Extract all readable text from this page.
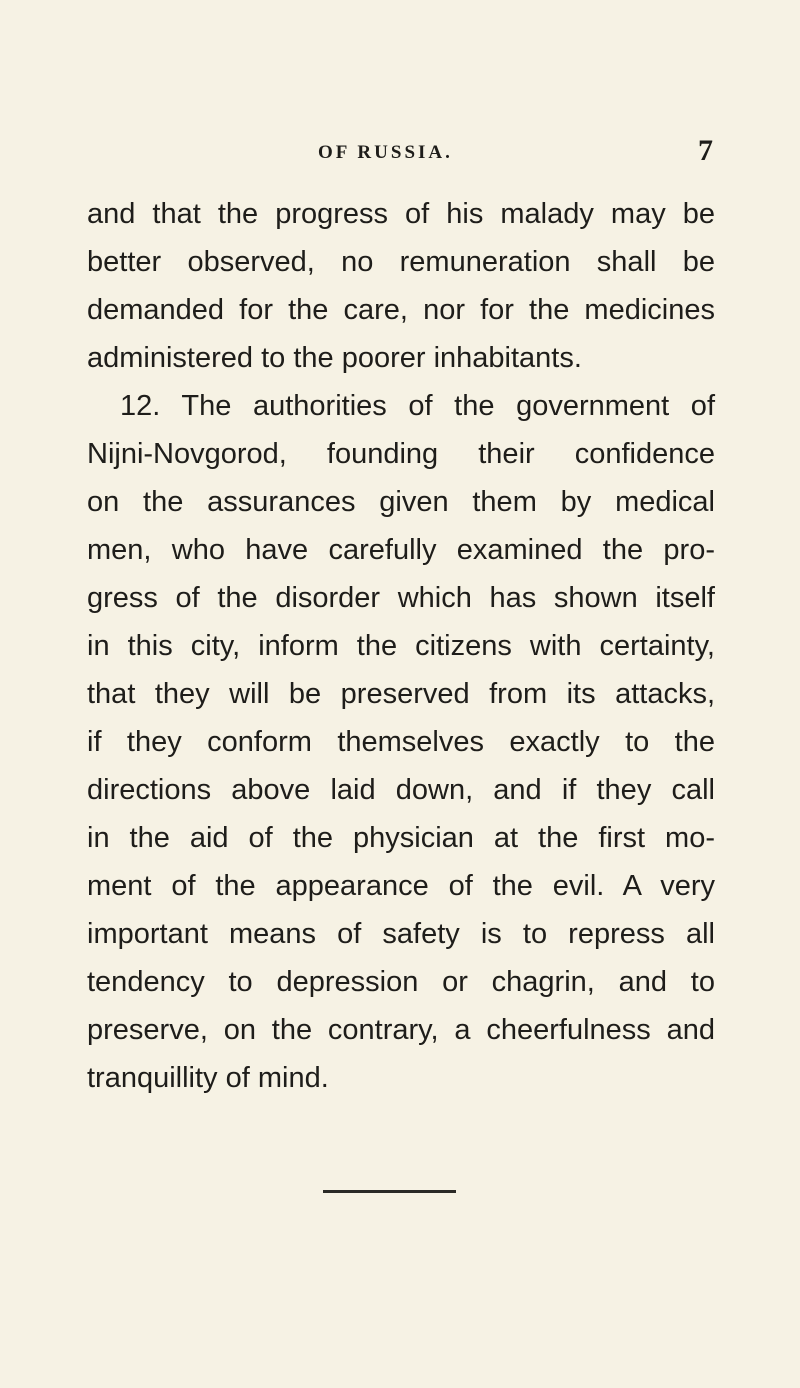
OF RUSSIA.	7
and that the progress of his malady may be
better observed, no remuneration shall be
demanded for the care, nor for the medicines
administered to the poorer inhabitants.
12. The authorities of the government of
Nijni-Novgorod, founding their confidence
on the assurances given them by medical
men, who have carefully examined the pro-
gress of the disorder which has shown itself
in this city, inform the citizens with certainty,
that they will be preserved from its attacks,
if they conform themselves exactly to the
directions above laid down, and if they call
in the aid of the physician at the first mo-
ment of the appearance of the evil. A very
important means of safety is to repress all
tendency to depression or chagrin, and to
preserve, on the contrary, a cheerfulness and
tranquillity of mind.
